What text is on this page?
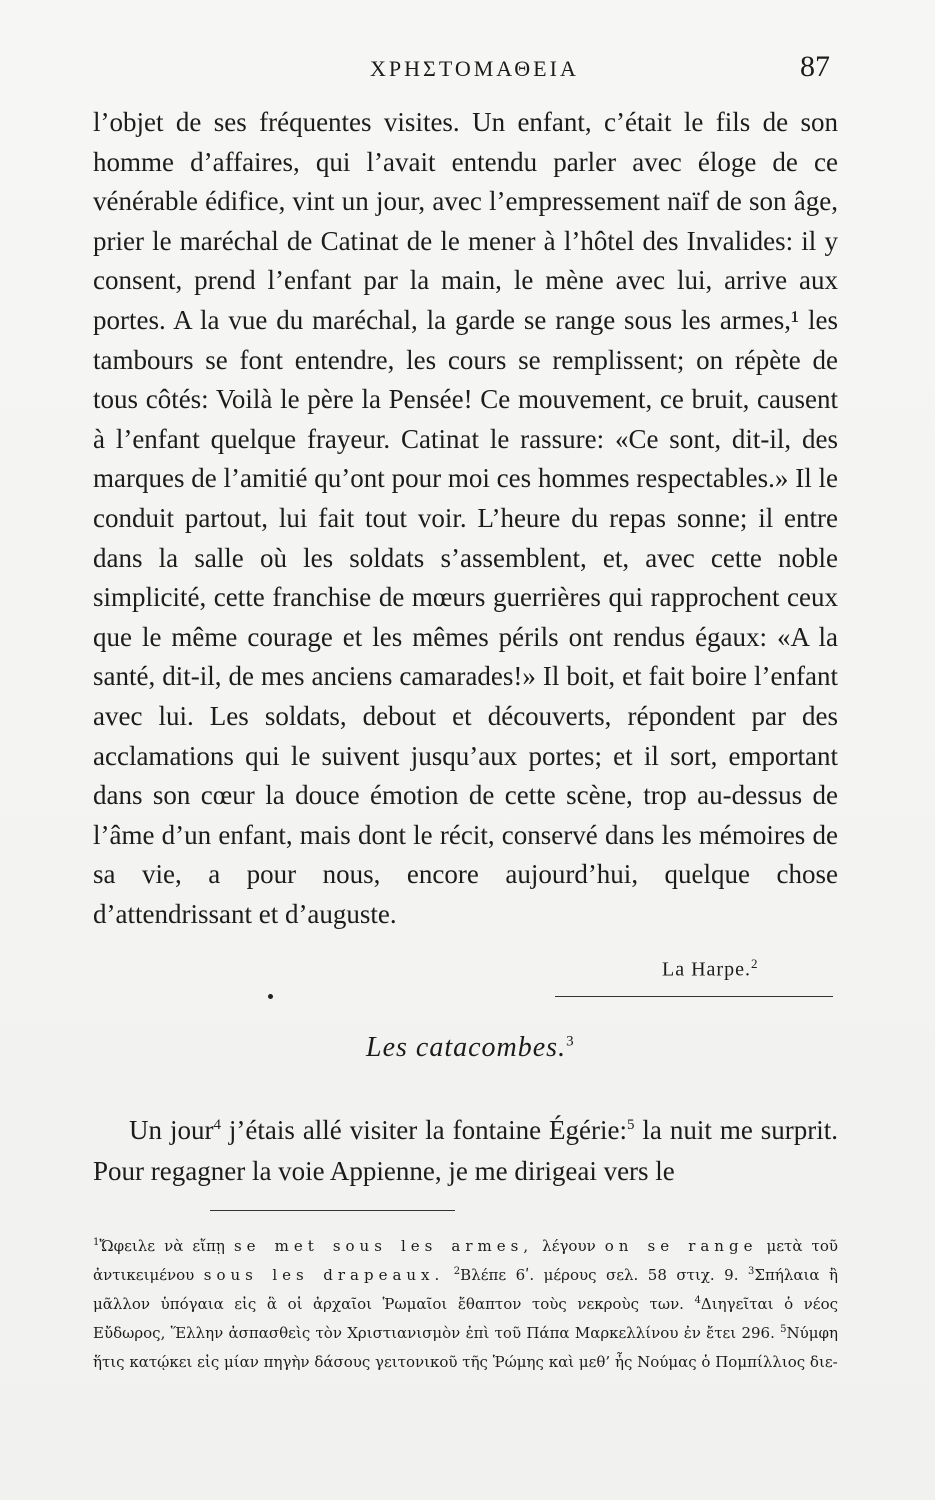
ΧΡΗΣΤΟΜΑΘΕΙΑ	87

l’objet de ses fréquentes visites. Un enfant, c’était le fils de son homme d’affaires, qui l’avait entendu parler avec éloge de ce vénérable édifice, vint un jour, avec l’empressement naïf de son âge, prier le maréchal de Catinat de le mener à l’hôtel des Invalides: il y consent, prend l’enfant par la main, le mène avec lui, arrive aux portes. A la vue du maréchal, la garde se range sous les armes,¹ les tambours se font entendre, les cours se remplissent; on répète de tous côtés: Voilà le père la Pensée! Ce mouvement, ce bruit, causent à l’enfant quelque frayeur. Catinat le rassure: «Ce sont, dit-il, des marques de l’amitié qu’ont pour moi ces hommes respectables.» Il le conduit partout, lui fait tout voir. L’heure du repas sonne; il entre dans la salle où les soldats s’assemblent, et, avec cette noble simplicité, cette franchise de mœurs guerrières qui rapprochent ceux que le même courage et les mêmes périls ont rendus égaux: «A la santé, dit-il, de mes anciens camarades!» Il boit, et fait boire l’enfant avec lui. Les soldats, debout et découverts, répondent par des acclamations qui le suivent jusqu’aux portes; et il sort, emportant dans son cœur la douce émotion de cette scène, trop au-dessus de l’âme d’un enfant, mais dont le récit, conservé dans les mémoires de sa vie, a pour nous, encore aujourd’hui, quelque chose d’attendrissant et d’auguste.

La Harpe.$^2$
Les catacombes.$^3$

Un jour$^4$ j’étais allé visiter la fontaine Égérie:$^5$ la nuit me surprit. Pour regagner la voie Appienne, je me dirigeai vers le

$^1$Ὤφειλε νὰ εἴπῃ se met sous les armes, λέγουν on se range μετὰ τοῦ ἀντικειμένου sous les drapeaux. $^2$Βλέπε 6ʹ. μέρους σελ. 58 στιχ. 9. $^3$Σπήλαια ἢ μᾶλλον ὑπόγαια εἰς ἃ οἱ ἀρχαῖοι Ῥωμαῖοι ἔθαπτον τοὺς νεκροὺς των. $^4$Διηγεῖται ὁ νέος Εὔδωρος, Ἕλλην ἀσπασθεὶς τὸν Χριστιανισμὸν ἐπὶ τοῦ Πάπα Μαρκελλίνου ἐν ἔτει 296. $^5$Νύμφη ἥτις κατῴκει εἰς μίαν πηγὴν δάσους γειτονικοῦ τῆς Ῥώμης καὶ μεθ’ ἧς Νούμας ὁ Πομπίλλιος διε-
